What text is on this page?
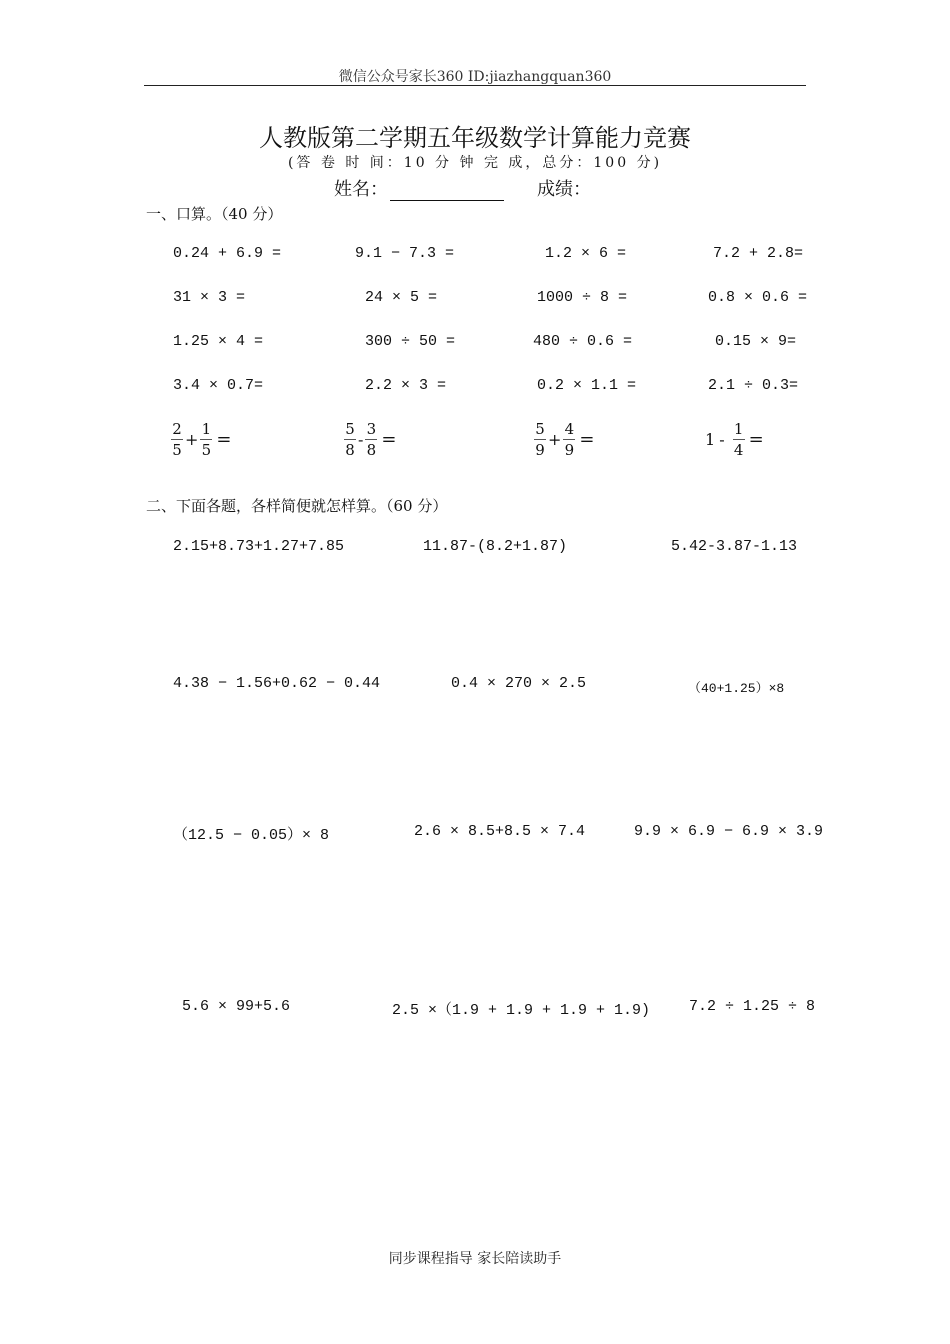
微信公众号家长360 ID:jiazhangquan360
人教版第二学期五年级数学计算能力竞赛
(答 卷 时 间：10 分 钟 完 成，总分：100 分)
姓名：	成绩：
一、口算。（40 分）
0.24 + 6.9 =	9.1 − 7.3 =	1.2 × 6 =	7.2 + 2.8=
31 × 3 =	24 × 5 =	1000 ÷ 8 =	0.8 × 0.6 =
1.25 × 4 =	300 ÷ 50 =	480 ÷ 0.6 =	0.15 × 9=
3.4 × 0.7=	2.2 × 3 =	0.2 × 1.1 =	2.1 ÷ 0.3=
$\frac{2}{5} + \frac{1}{5}$ =	$\frac{5}{8} - \frac{3}{8}$ =	$\frac{5}{9} + \frac{4}{9}$ =	$1 - \frac{1}{4}$ =
二、下面各题，各样简便就怎样算。（60 分）
2.15+8.73+1.27+7.85	11.87-(8.2+1.87)	5.42-3.87-1.13
4.38 − 1.56+0.62 − 0.44	0.4 × 270 × 2.5	（40+1.25）×8
（12.5 − 0.05）× 8	2.6 × 8.5+8.5 × 7.4	9.9 × 6.9 − 6.9 × 3.9
5.6 × 99+5.6	2.5 ×（1.9 + 1.9 + 1.9 + 1.9)	7.2 ÷ 1.25 ÷ 8
同步课程指导 家长陪读助手
